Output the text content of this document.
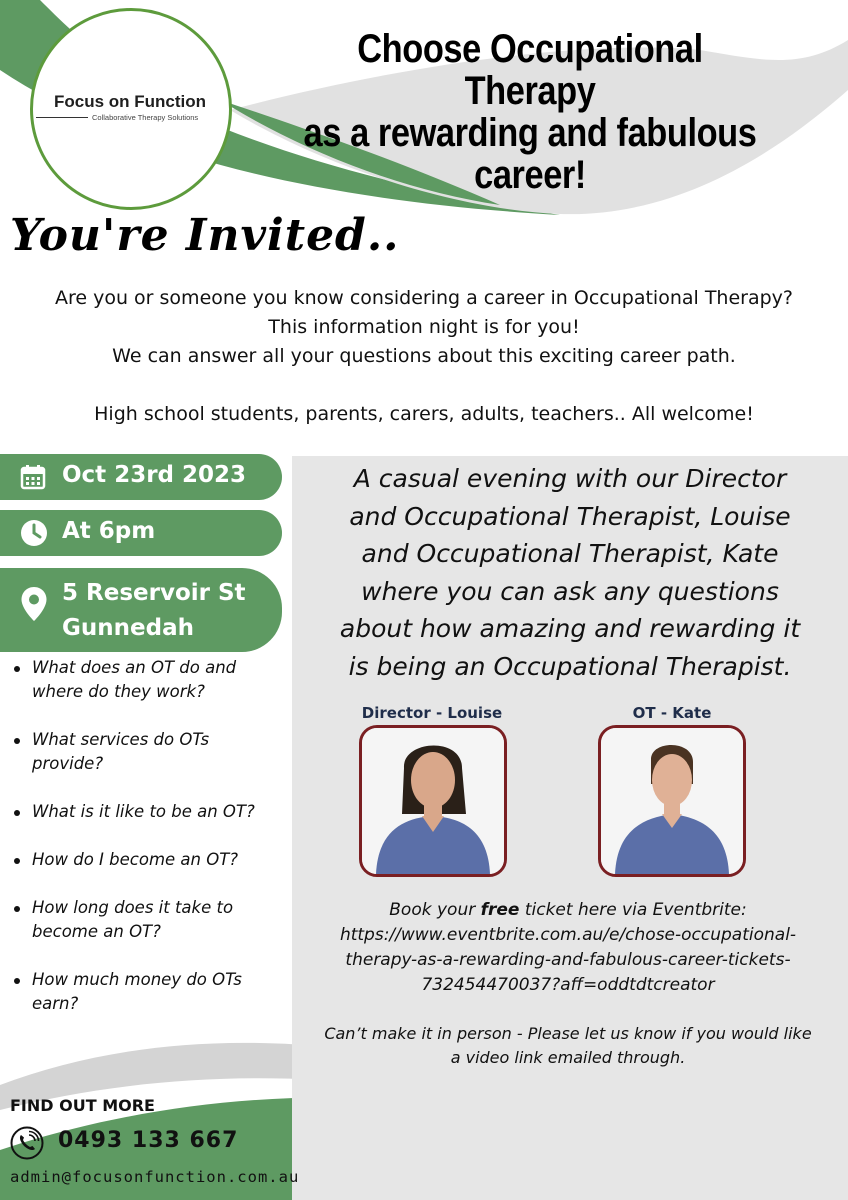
Focus on Function
Collaborative Therapy Solutions
Choose Occupational Therapy
as a rewarding and fabulous
career!
You're Invited..

Are you or someone you know considering a career in Occupational Therapy?

This information night is for you!

We can answer all your questions about this exciting career path.

High school students, parents, carers, adults, teachers.. All welcome!

Oct 23rd 2023
At 6pm
5 Reservoir St
Gunnedah
What does an OT do and where do they work?
What services do OTs provide?
What is it like to be an OT?
How do I become an OT?
How long does it take to become an OT?
How much money do OTs earn?
A casual evening with our Director
and Occupational Therapist, Louise
and Occupational Therapist, Kate
where you can ask any questions
about how amazing and rewarding it
is being an Occupational Therapist.
Director - Louise	OT - Kate
Book your free ticket here via Eventbrite:
https://www.eventbrite.com.au/e/chose-occupational-
therapy-as-a-rewarding-and-fabulous-career-tickets-
732454470037?aff=oddtdtcreator
Can’t make it in person - Please let us know if you would like
a video link emailed through.
FIND OUT MORE
0493 133 667
admin@focusonfunction.com.au
